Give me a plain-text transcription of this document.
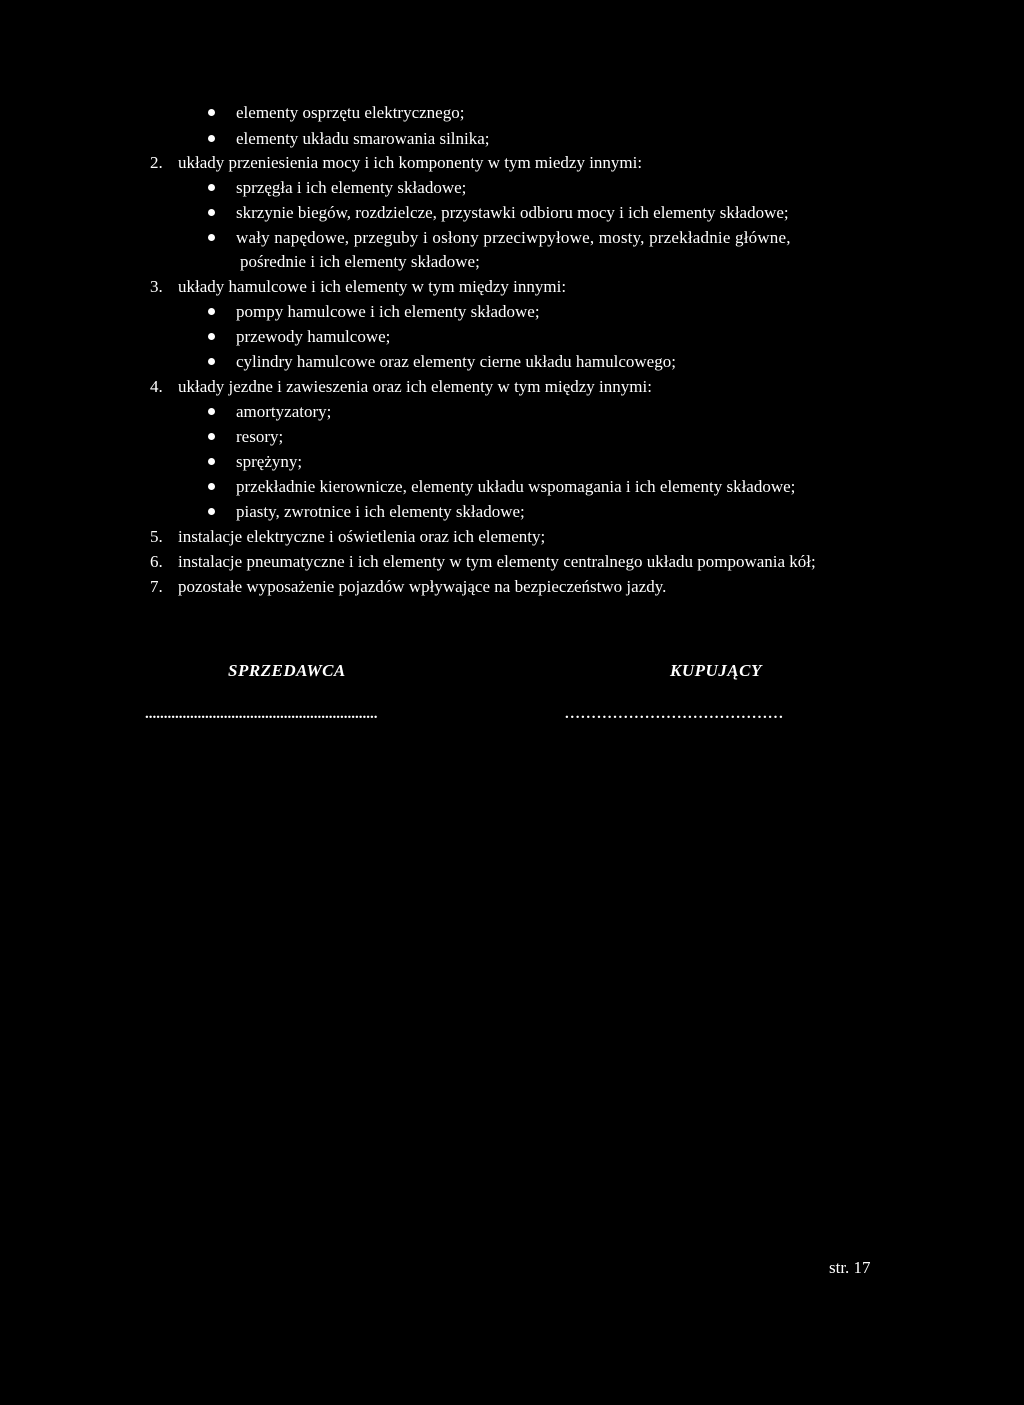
elementy osprzętu elektrycznego;
elementy układu smarowania silnika;
2. układy przeniesienia mocy i ich komponenty w tym miedzy innymi:
sprzęgła i ich elementy składowe;
skrzynie biegów, rozdzielcze, przystawki odbioru mocy i ich elementy składowe;
wały napędowe, przeguby i osłony przeciwpyłowe, mosty, przekładnie główne,
pośrednie i ich elementy składowe;
3. układy hamulcowe i ich elementy w tym między innymi:
pompy hamulcowe i ich elementy składowe;
przewody hamulcowe;
cylindry hamulcowe oraz elementy cierne układu hamulcowego;
4. układy jezdne i zawieszenia oraz ich elementy w tym między innymi:
amortyzatory;
resory;
sprężyny;
przekładnie kierownicze, elementy układu wspomagania i ich elementy składowe;
piasty, zwrotnice i ich elementy składowe;
5. instalacje elektryczne i oświetlenia oraz ich elementy;
6. instalacje pneumatyczne i ich elementy w tym elementy centralnego układu pompowania kół;
7. pozostałe wyposażenie pojazdów wpływające na bezpieczeństwo jazdy.
SPRZEDAWCA	KUPUJĄCY
..............................................................	.........................................
str. 17
